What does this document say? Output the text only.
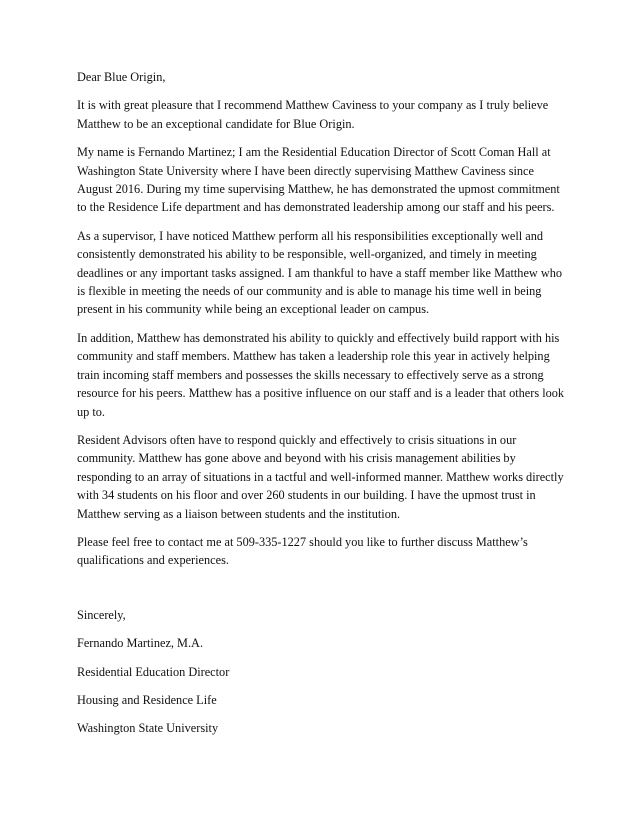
Dear Blue Origin,

It is with great pleasure that I recommend Matthew Caviness to your company as I truly believe Matthew to be an exceptional candidate for Blue Origin.

My name is Fernando Martinez; I am the Residential Education Director of Scott Coman Hall at Washington State University where I have been directly supervising Matthew Caviness since August 2016. During my time supervising Matthew, he has demonstrated the upmost commitment to the Residence Life department and has demonstrated leadership among our staff and his peers.

As a supervisor, I have noticed Matthew perform all his responsibilities exceptionally well and consistently demonstrated his ability to be responsible, well-organized, and timely in meeting deadlines or any important tasks assigned. I am thankful to have a staff member like Matthew who is flexible in meeting the needs of our community and is able to manage his time well in being present in his community while being an exceptional leader on campus.

In addition, Matthew has demonstrated his ability to quickly and effectively build rapport with his community and staff members. Matthew has taken a leadership role this year in actively helping train incoming staff members and possesses the skills necessary to effectively serve as a strong resource for his peers. Matthew has a positive influence on our staff and is a leader that others look up to.

Resident Advisors often have to respond quickly and effectively to crisis situations in our community. Matthew has gone above and beyond with his crisis management abilities by responding to an array of situations in a tactful and well-informed manner. Matthew works directly with 34 students on his floor and over 260 students in our building. I have the upmost trust in Matthew serving as a liaison between students and the institution.

Please feel free to contact me at 509-335-1227 should you like to further discuss Matthew’s qualifications and experiences.

Sincerely,

Fernando Martinez, M.A.

Residential Education Director

Housing and Residence Life

Washington State University
